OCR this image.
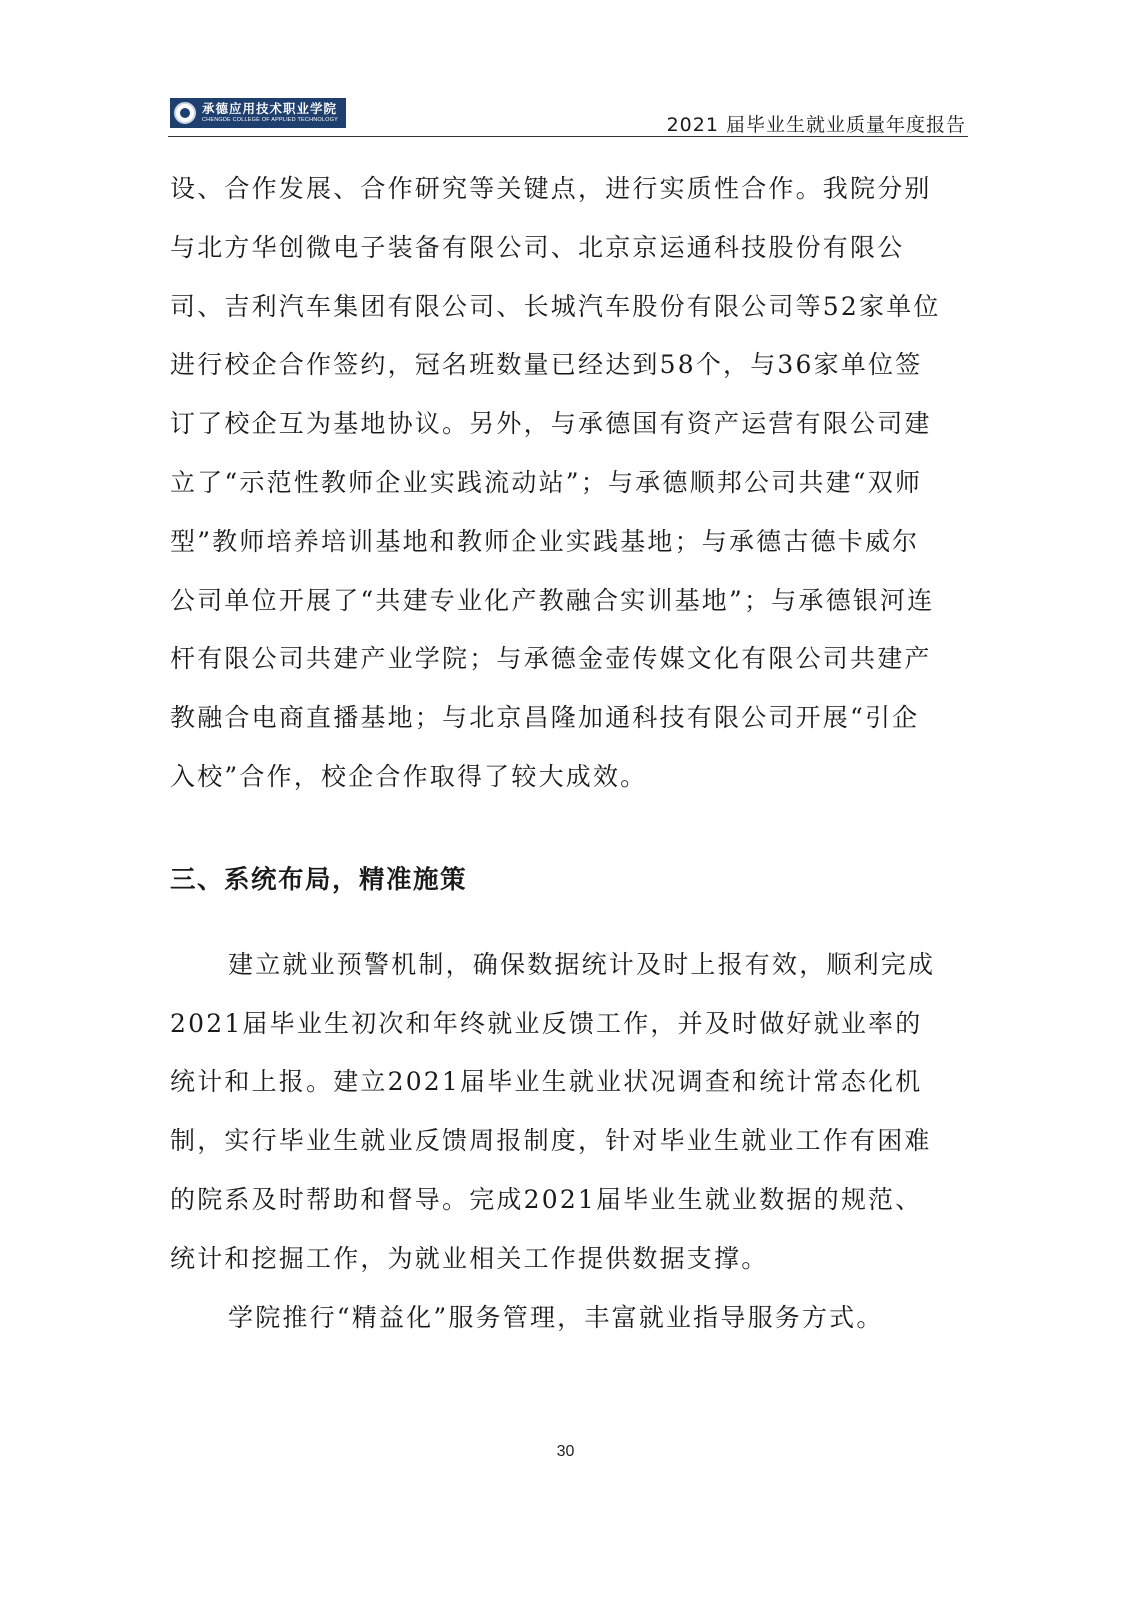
承德应用技术职业学院
CHENGDE COLLEGE OF APPLIED TECHNOLOGY	2021 届毕业生就业质量年度报告

设、合作发展、合作研究等关键点，进行实质性合作。我院分别与北方华创微电子装备有限公司、北京京运通科技股份有限公司、吉利汽车集团有限公司、长城汽车股份有限公司等52家单位进行校企合作签约，冠名班数量已经达到58个，与36家单位签订了校企互为基地协议。另外，与承德国有资产运营有限公司建立了“示范性教师企业实践流动站”；与承德顺邦公司共建“双师型”教师培养培训基地和教师企业实践基地；与承德古德卡威尔公司单位开展了“共建专业化产教融合实训基地”；与承德银河连杆有限公司共建产业学院；与承德金壶传媒文化有限公司共建产教融合电商直播基地；与北京昌隆加通科技有限公司开展“引企入校”合作，校企合作取得了较大成效。

三、系统布局，精准施策

建立就业预警机制，确保数据统计及时上报有效，顺利完成2021届毕业生初次和年终就业反馈工作，并及时做好就业率的统计和上报。建立2021届毕业生就业状况调查和统计常态化机制，实行毕业生就业反馈周报制度，针对毕业生就业工作有困难的院系及时帮助和督导。完成2021届毕业生就业数据的规范、统计和挖掘工作，为就业相关工作提供数据支撑。

学院推行“精益化”服务管理，丰富就业指导服务方式。

30
